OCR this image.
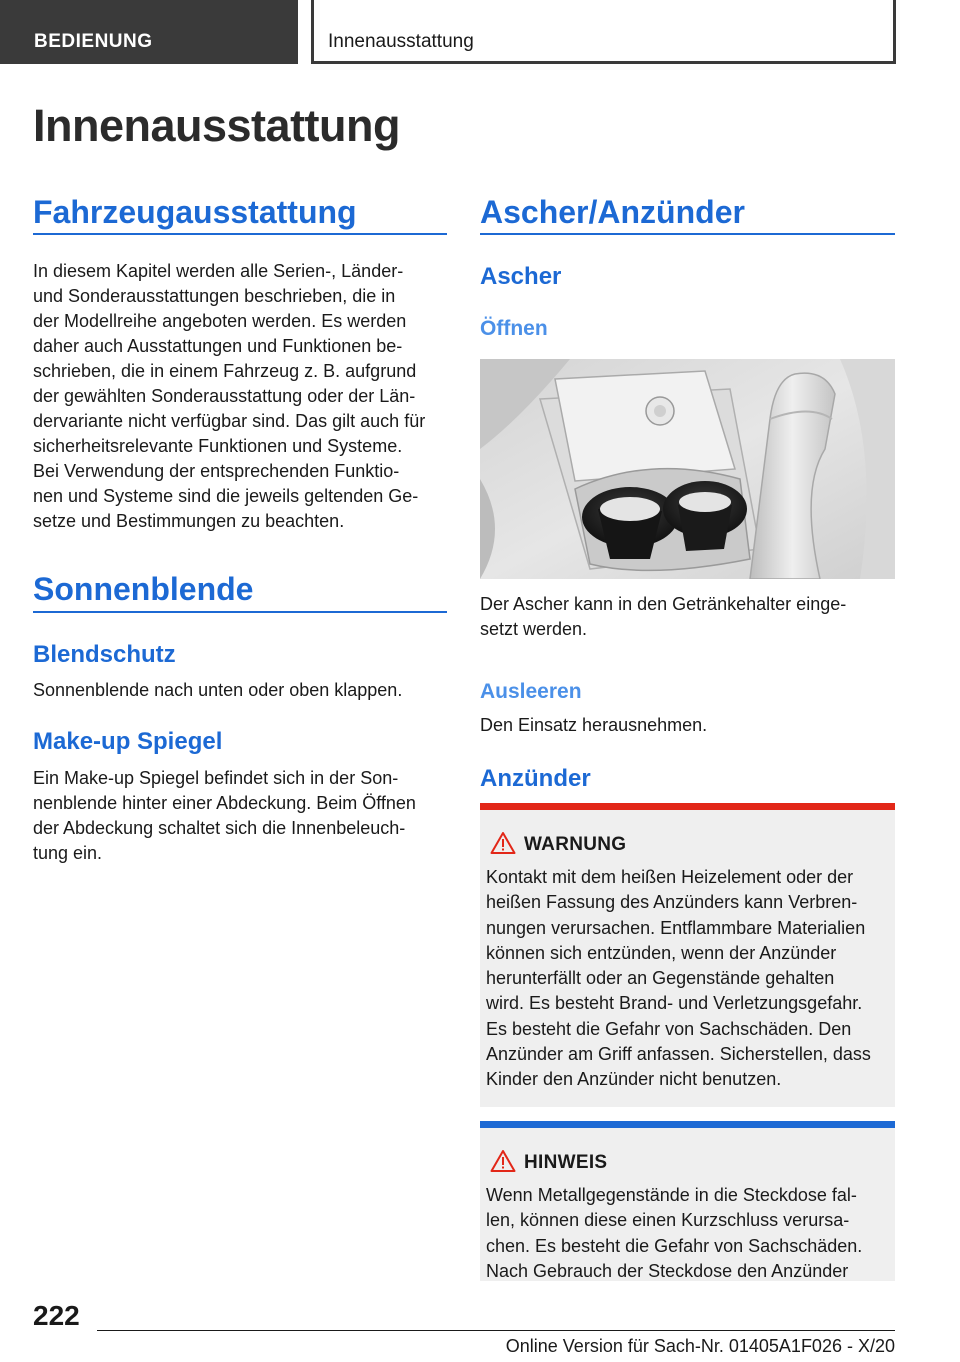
BEDIENUNG	Innenausstattung
Innenausstattung
Fahrzeugausstattung
In diesem Kapitel werden alle Serien-, Länder-
und Sonderausstattungen beschrieben, die in
der Modellreihe angeboten werden. Es werden
daher auch Ausstattungen und Funktionen be-
schrieben, die in einem Fahrzeug z. B. aufgrund
der gewählten Sonderausstattung oder der Län-
dervariante nicht verfügbar sind. Das gilt auch für
sicherheitsrelevante Funktionen und Systeme.
Bei Verwendung der entsprechenden Funktio-
nen und Systeme sind die jeweils geltenden Ge-
setze und Bestimmungen zu beachten.
Sonnenblende
Blendschutz
Sonnenblende nach unten oder oben klappen.
Make-up Spiegel
Ein Make-up Spiegel befindet sich in der Son-
nenblende hinter einer Abdeckung. Beim Öffnen
der Abdeckung schaltet sich die Innenbeleuch-
tung ein.
Ascher/Anzünder
Ascher
Öffnen
Der Ascher kann in den Getränkehalter einge-
setzt werden.
Ausleeren
Den Einsatz herausnehmen.
Anzünder
WARNUNG
Kontakt mit dem heißen Heizelement oder der
heißen Fassung des Anzünders kann Verbren-
nungen verursachen. Entflammbare Materialien
können sich entzünden, wenn der Anzünder
herunterfällt oder an Gegenstände gehalten
wird. Es besteht Brand- und Verletzungsgefahr.
Es besteht die Gefahr von Sachschäden. Den
Anzünder am Griff anfassen. Sicherstellen, dass
Kinder den Anzünder nicht benutzen.
HINWEIS
Wenn Metallgegenstände in die Steckdose fal-
len, können diese einen Kurzschluss verursa-
chen. Es besteht die Gefahr von Sachschäden.
Nach Gebrauch der Steckdose den Anzünder
222
Online Version für Sach-Nr. 01405A1F026 - X/20
